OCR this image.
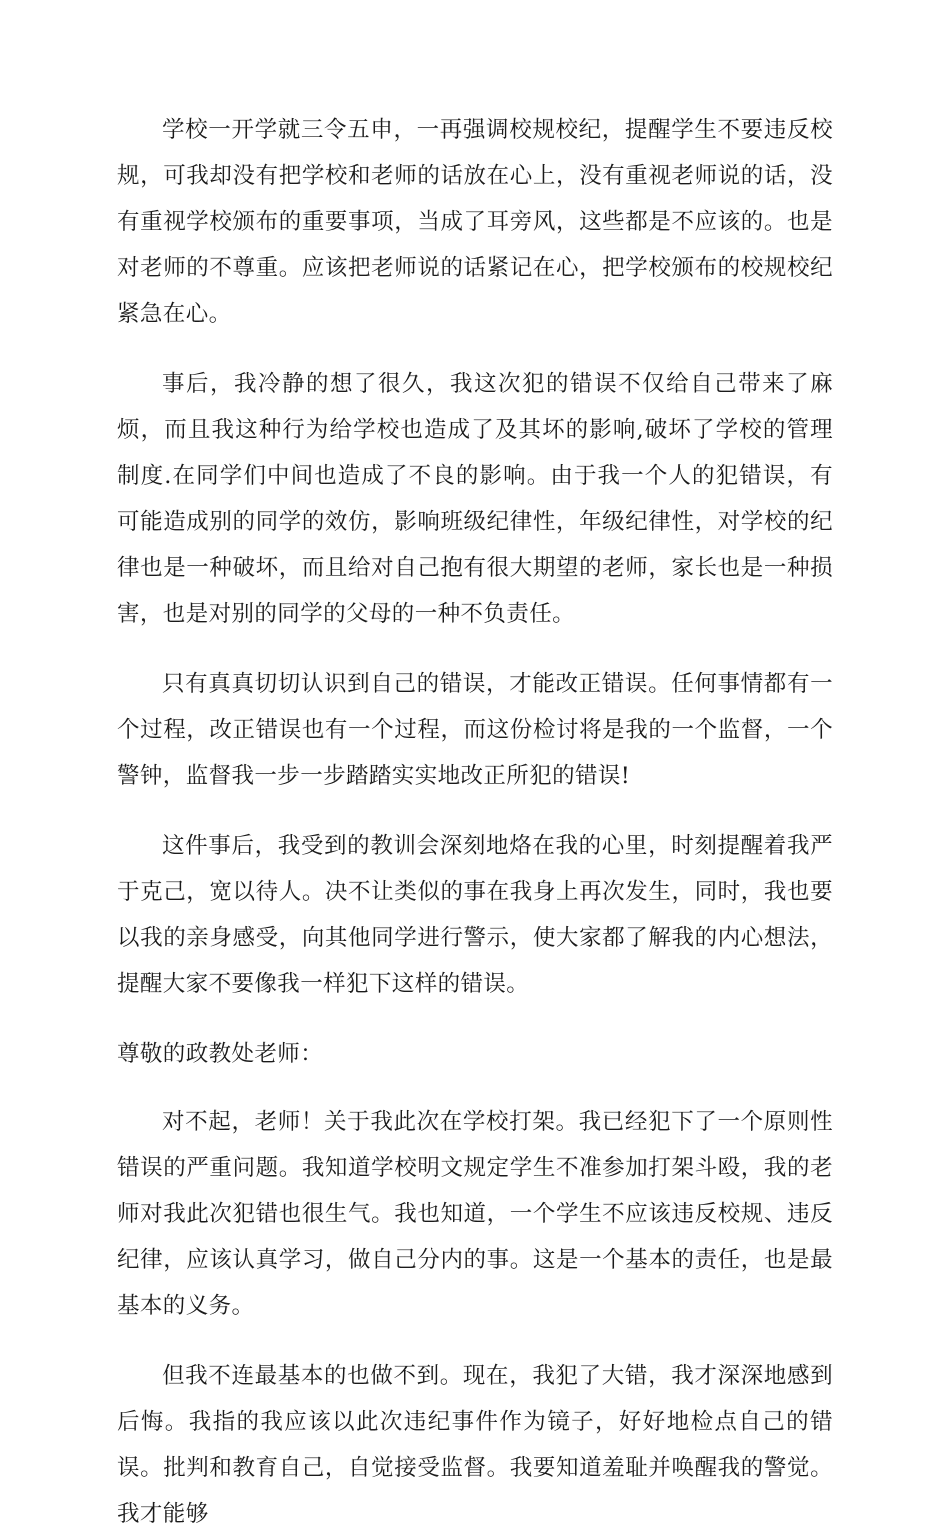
学校一开学就三令五申，一再强调校规校纪，提醒学生不要违反校规，可我却没有把学校和老师的话放在心上，没有重视老师说的话，没有重视学校颁布的重要事项，当成了耳旁风，这些都是不应该的。也是对老师的不尊重。应该把老师说的话紧记在心，把学校颁布的校规校纪紧急在心。

事后，我冷静的想了很久，我这次犯的错误不仅给自己带来了麻烦，而且我这种行为给学校也造成了及其坏的影响,破坏了学校的管理制度.在同学们中间也造成了不良的影响。由于我一个人的犯错误，有可能造成别的同学的效仿，影响班级纪律性，年级纪律性，对学校的纪律也是一种破坏，而且给对自己抱有很大期望的老师，家长也是一种损害，也是对别的同学的父母的一种不负责任。

只有真真切切认识到自己的错误，才能改正错误。任何事情都有一个过程，改正错误也有一个过程，而这份检讨将是我的一个监督，一个警钟，监督我一步一步踏踏实实地改正所犯的错误!

这件事后，我受到的教训会深刻地烙在我的心里，时刻提醒着我严于克己，宽以待人。决不让类似的事在我身上再次发生，同时，我也要以我的亲身感受，向其他同学进行警示，使大家都了解我的内心想法，提醒大家不要像我一样犯下这样的错误。

尊敬的政教处老师：

对不起，老师！关于我此次在学校打架。我已经犯下了一个原则性错误的严重问题。我知道学校明文规定学生不准参加打架斗殴，我的老师对我此次犯错也很生气。我也知道，一个学生不应该违反校规、违反纪律，应该认真学习，做自己分内的事。这是一个基本的责任，也是最基本的义务。

但我不连最基本的也做不到。现在，我犯了大错，我才深深地感到后悔。我指的我应该以此次违纪事件作为镜子，好好地检点自己的错误。批判和教育自己，自觉接受监督。我要知道羞耻并唤醒我的警觉。我才能够
